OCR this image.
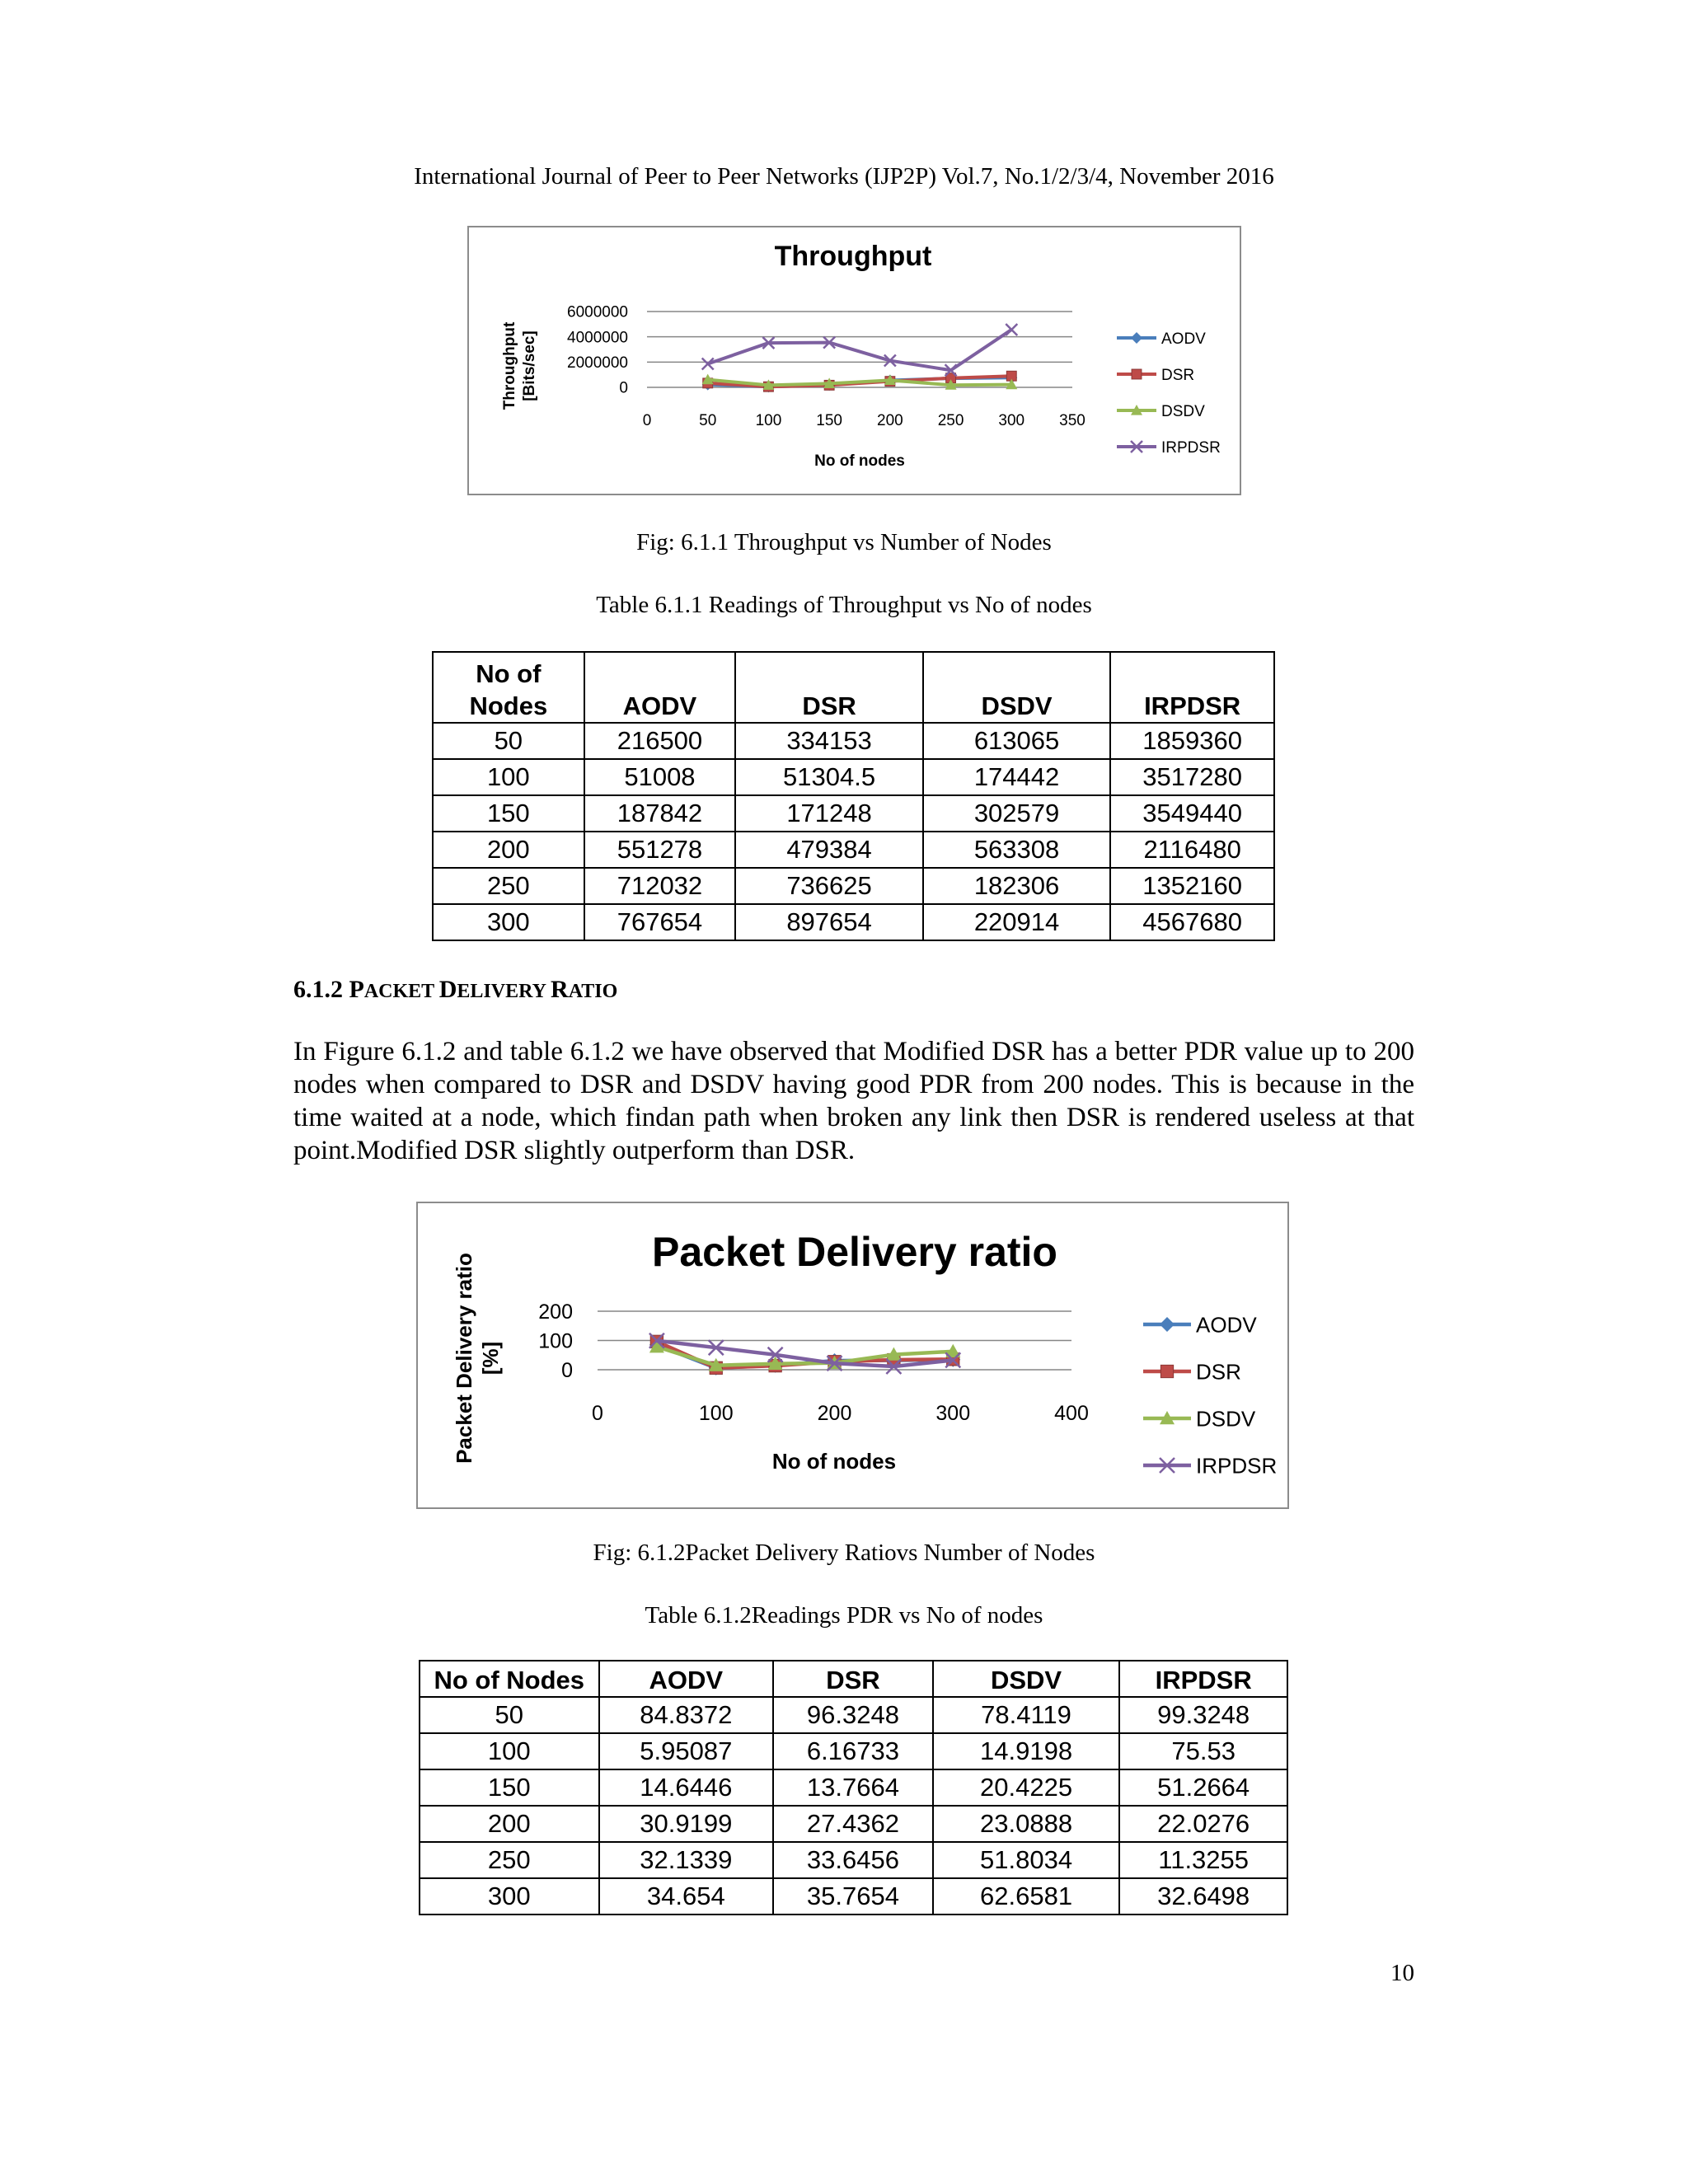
International Journal of Peer to Peer Networks (IJP2P) Vol.7, No.1/2/3/4, November 2016
Throughput
0
2000000
4000000
6000000
0	50 100 150 200 250 300 350
No of nodes
Throughput [Bits/sec]	AODV
DSR
DSDV
IRPDSR
Fig: 6.1.1 Throughput vs Number of Nodes
Table 6.1.1 Readings of Throughput vs No of nodes
No of
Nodes	AODV	DSR	DSDV	IRPDSR
50	216500	334153	613065	1859360
100	51008	51304.5	174442	3517280
150	187842	171248	302579	3549440
200	551278	479384	563308	2116480
250	712032	736625	182306	1352160
300	767654	897654	220914	4567680
6.1.2 PACKET DELIVERY RATIO
In Figure 6.1.2 and table 6.1.2 we have observed that Modified DSR has a better PDR value up to 200 nodes when compared to DSR and DSDV having good PDR from 200 nodes. This is because in the time waited at a node, which findan path when broken any link then DSR is rendered useless at that point.Modified DSR slightly outperform than DSR.
Packet Delivery ratio
0
100
200
0	100	200	300	400
No of nodes
Packet Delivery ratio [%]
AODV
DSR
DSDV
IRPDSR
Fig: 6.1.2Packet Delivery Ratiovs Number of Nodes
Table 6.1.2Readings PDR vs No of nodes
No of Nodes	AODV	DSR	DSDV	IRPDSR
50	84.8372	96.3248	78.4119	99.3248
100	5.95087	6.16733	14.9198	75.53
150	14.6446	13.7664	20.4225	51.2664
200	30.9199	27.4362	23.0888	22.0276
250	32.1339	33.6456	51.8034	11.3255
300	34.654	35.7654	62.6581	32.6498
10
